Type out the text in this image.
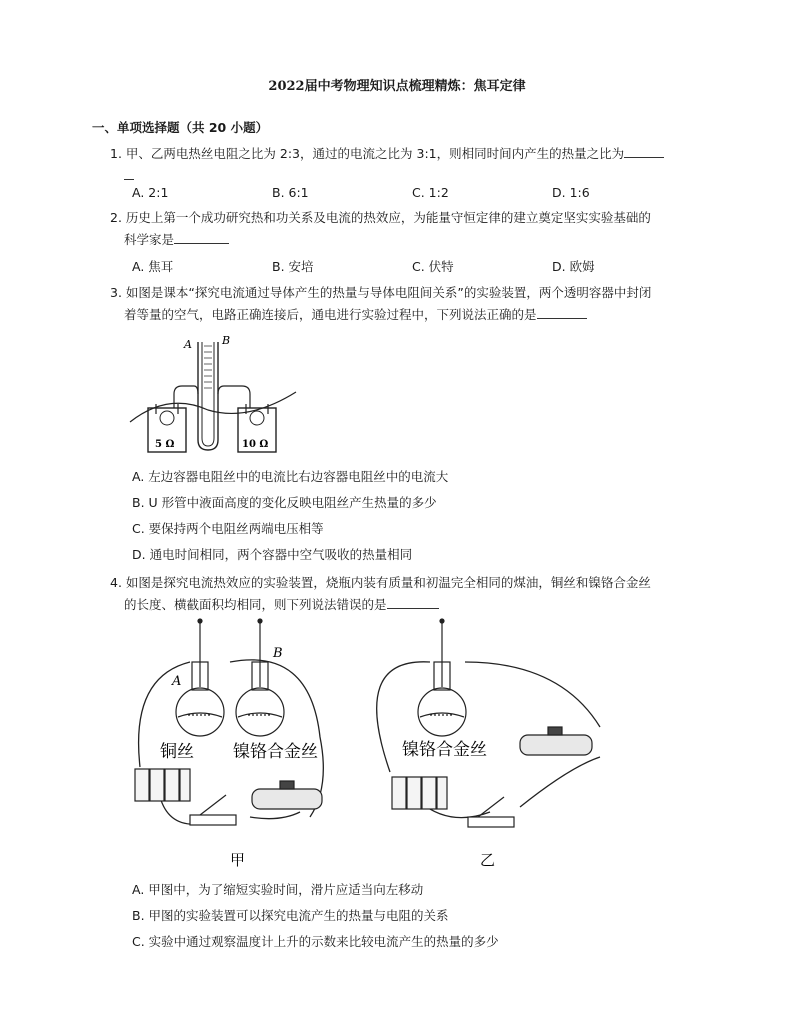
2022届中考物理知识点梳理精炼：焦耳定律
一、单项选择题（共 20 小题）
1. 甲、乙两电热丝电阻之比为 2:3，通过的电流之比为 3:1，则相同时间内产生的热量之比为

A. 2:1	B. 6:1	C. 1:2	D. 1:6
2. 历史上第一个成功研究热和功关系及电流的热效应，为能量守恒定律的建立奠定坚实实验基础的
科学家是
A. 焦耳	B. 安培	C. 伏特	D. 欧姆
3. 如图是课本“探究电流通过导体产生的热量与导体电阻间关系”的实验装置，两个透明容器中封闭
着等量的空气，电路正确连接后，通电进行实验过程中，下列说法正确的是
A	B
5 Ω	10 Ω
A. 左边容器电阻丝中的电流比右边容器电阻丝中的电流大
B. U 形管中液面高度的变化反映电阻丝产生热量的多少
C. 要保持两个电阻丝两端电压相等
D. 通电时间相同，两个容器中空气吸收的热量相同
4. 如图是探究电流热效应的实验装置，烧瓶内装有质量和初温完全相同的煤油，铜丝和镍铬合金丝
的长度、横截面积均相同，则下列说法错误的是
A
B
铜丝 镍铬合金丝	镍铬合金丝
甲	乙
A. 甲图中，为了缩短实验时间，滑片应适当向左移动
B. 甲图的实验装置可以探究电流产生的热量与电阻的关系
C. 实验中通过观察温度计上升的示数来比较电流产生的热量的多少
